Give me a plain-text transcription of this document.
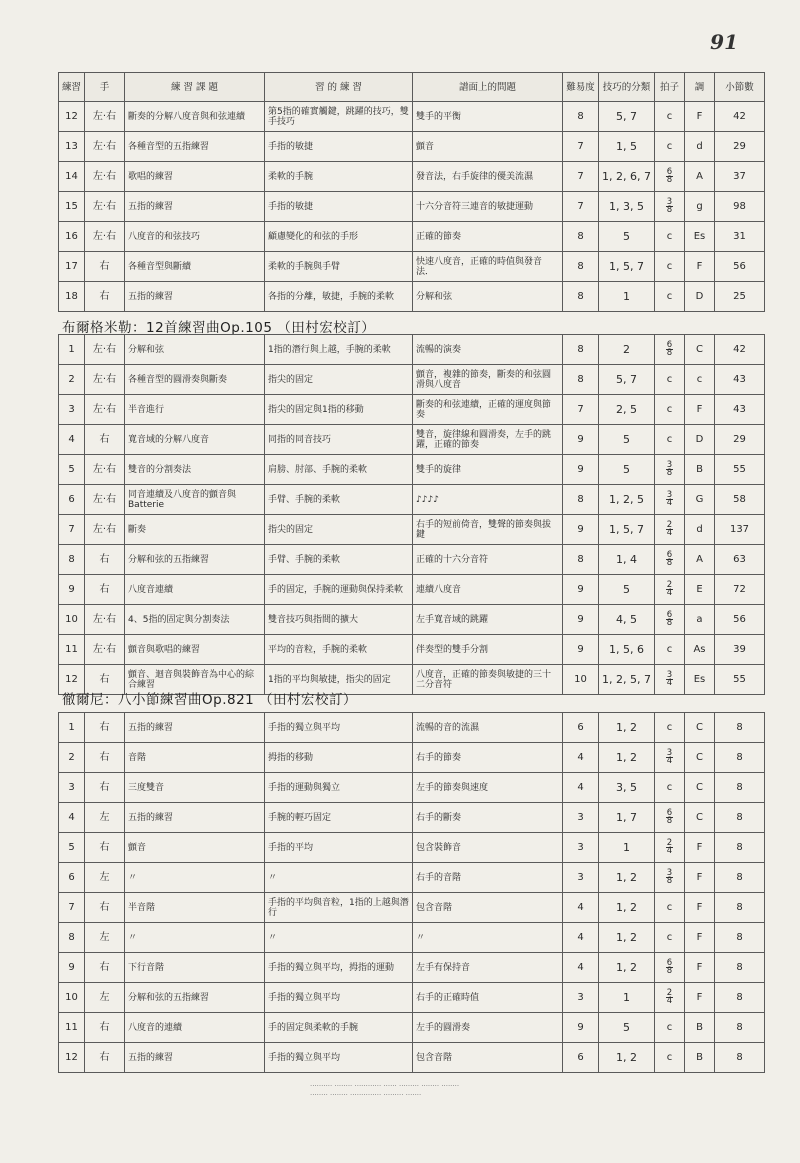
91
練習	手	練 習 課 題	習 的 練 習	譜面上的問題	難易度	技巧的分類	拍子	調	小節數
12	左·右	斷奏的分解八度音與和弦連續	第5指的確實觸鍵，跳躍的技巧，雙手技巧	雙手的平衡	8	5, 7	c	F	42
13	左·右	各種音型的五指練習	手指的敏捷	顫音	7	1, 5	c	d	29
14	左·右	歌唱的練習	柔軟的手腕	發音法，右手旋律的優美流濕	7	1, 2, 6, 7	$\frac{6}{8}$	A	37
15	左·右	五指的練習	手指的敏捷	十六分音符三連音的敏捷運動	7	1, 3, 5	$\frac{3}{8}$	g	98
16	左·右	八度音的和弦技巧	顧慮變化的和弦的手形	正確的節奏	8	5	c	Es	31
17	右	各種音型與斷續	柔軟的手腕與手臂	快速八度音，正確的時值與發音法．	8	1, 5, 7	c	F	56
18	右	五指的練習	各指的分離，敏捷，手腕的柔軟	分解和弦	8	1	c	D	25
布爾格米勒：12首練習曲Op.105 （田村宏校訂）
1	左·右	分解和弦	1指的潛行與上越，手腕的柔軟	流暢的演奏	8	2	$\frac{6}{8}$	C	42
2	左·右	各種音型的圓滑奏與斷奏	指尖的固定	顫音，複雜的節奏，斷奏的和弦圓滑與八度音	8	5, 7	c	c	43
3	左·右	半音進行	指尖的固定與1指的移動	斷奏的和弦連續，正確的運度與節奏	7	2, 5	c	F	43
4	右	寬音域的分解八度音	同指的同音技巧	雙音，旋律線和圓滑奏，左手的跳躍，正確的節奏	9	5	c	D	29
5	左·右	雙音的分割奏法	肩膀、肘部、手腕的柔軟	雙手的旋律	9	5	$\frac{3}{8}$	B	55
6	左·右	同音連續及八度音的顫音與Batterie	手臂、手腕的柔軟	♪♪♪♪	8	1, 2, 5	$\frac{3}{4}$	G	58
7	左·右	斷奏	指尖的固定	右手的短前倚音，雙聲的節奏與拔鍵	9	1, 5, 7	$\frac{2}{4}$	d	137
8	右	分解和弦的五指練習	手臂、手腕的柔軟	正確的十六分音符	8	1, 4	$\frac{6}{8}$	A	63
9	右	八度音連續	手的固定，手腕的運動與保持柔軟	連續八度音	9	5	$\frac{2}{4}$	E	72
10	左·右	4、5指的固定與分割奏法	雙音技巧與指間的擴大	左手寬音域的跳躍	9	4, 5	$\frac{6}{8}$	a	56
11	左·右	顫音與歌唱的練習	平均的音粒，手腕的柔軟	伴奏型的雙手分割	9	1, 5, 6	c	As	39
12	右	顫音、迴音與裝飾音為中心的綜合練習	1指的平均與敏捷，指尖的固定	八度音，正確的節奏與敏捷的三十二分音符	10	1, 2, 5, 7	$\frac{3}{4}$	Es	55
徹爾尼：八小節練習曲Op.821 （田村宏校訂）
1	右	五指的練習	手指的獨立與平均	流暢的音的流濕	6	1, 2	c	C	8
2	右	音階	拇指的移動	右手的節奏	4	1, 2	$\frac{3}{4}$	C	8
3	右	三度雙音	手指的運動與獨立	左手的節奏與速度	4	3, 5	c	C	8
4	左	五指的練習	手腕的輕巧固定	右手的斷奏	3	1, 7	$\frac{6}{8}$	C	8
5	右	顫音	手指的平均	包含裝飾音	3	1	$\frac{2}{4}$	F	8
6	左	〃	〃	右手的音階	3	1, 2	$\frac{3}{8}$	F	8
7	右	半音階	手指的平均與音粒，1指的上越與潛行	包含音階	4	1, 2	c	F	8
8	左	〃	〃	〃	4	1, 2	c	F	8
9	右	下行音階	手指的獨立與平均，拇指的運動	左手有保持音	4	1, 2	$\frac{6}{8}$	F	8
10	左	分解和弦的五指練習	手指的獨立與平均	右手的正確時值	3	1	$\frac{2}{4}$	F	8
11	右	八度音的連續	手的固定與柔軟的手腕	左手的圓滑奏	9	5	c	B	8
12	右	五指的練習	手指的獨立與平均	包含音階	6	1, 2	c	B	8
·········· ········ ············ ······ ········· ········ ········
········ ········ ·············· ········· ·······
